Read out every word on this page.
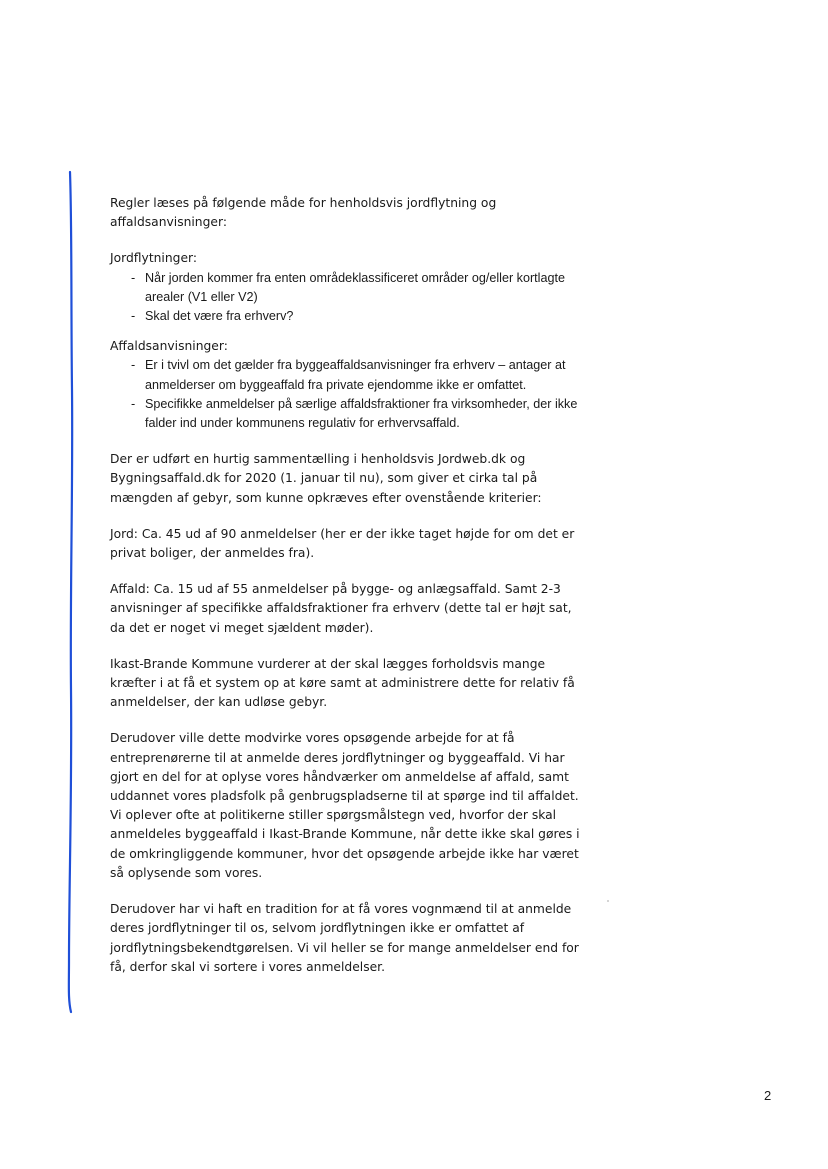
Regler læses på følgende måde for henholdsvis jordflytning og affaldsanvisninger:

Jordflytninger:

- Når jorden kommer fra enten områdeklassificeret områder og/eller kortlagte arealer (V1 eller V2)
- Skal det være fra erhverv?

Affaldsanvisninger:

- Er i tvivl om det gælder fra byggeaffaldsanvisninger fra erhverv – antager at anmelderser om byggeaffald fra private ejendomme ikke er omfattet.
- Specifikke anmeldelser på særlige affaldsfraktioner fra virksomheder, der ikke falder ind under kommunens regulativ for erhvervsaffald.

Der er udført en hurtig sammentælling i henholdsvis Jordweb.dk og Bygningsaffald.dk for 2020 (1. januar til nu), som giver et cirka tal på mængden af gebyr, som kunne opkræves efter ovenstående kriterier:

Jord: Ca. 45 ud af 90 anmeldelser (her er der ikke taget højde for om det er privat boliger, der anmeldes fra).

Affald: Ca. 15 ud af 55 anmeldelser på bygge- og anlægsaffald. Samt 2-3 anvisninger af specifikke affaldsfraktioner fra erhverv (dette tal er højt sat, da det er noget vi meget sjældent møder).

Ikast-Brande Kommune vurderer at der skal lægges forholdsvis mange kræfter i at få et system op at køre samt at administrere dette for relativ få anmeldelser, der kan udløse gebyr.

Derudover ville dette modvirke vores opsøgende arbejde for at få entreprenørerne til at anmelde deres jordflytninger og byggeaffald. Vi har gjort en del for at oplyse vores håndværker om anmeldelse af affald, samt uddannet vores pladsfolk på genbrugspladserne til at spørge ind til affaldet. Vi oplever ofte at politikerne stiller spørgsmålstegn ved, hvorfor der skal anmeldeles byggeaffald i Ikast-Brande Kommune, når dette ikke skal gøres i de omkringliggende kommuner, hvor det opsøgende arbejde ikke har været så oplysende som vores.

Derudover har vi haft en tradition for at få vores vognmænd til at anmelde deres jordflytninger til os, selvom jordflytningen ikke er omfattet af jordflytningsbekendtgørelsen. Vi vil heller se for mange anmeldelser end for få, derfor skal vi sortere i vores anmeldelser.

2
